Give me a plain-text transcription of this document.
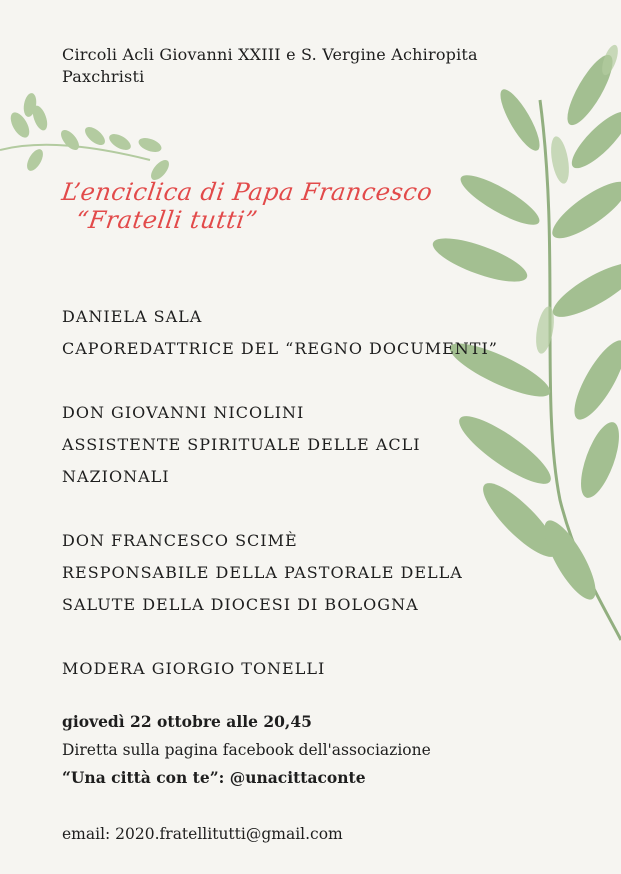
Circoli Acli Giovanni XXIII e S. Vergine Achiropita
Paxchristi
L’enciclica di Papa Francesco
“Fratelli tutti”
DANIELA SALA
CAPOREDATTRICE DEL “REGNO DOCUMENTI”
DON GIOVANNI NICOLINI
ASSISTENTE SPIRITUALE DELLE ACLI
NAZIONALI
DON FRANCESCO SCIMÈ
RESPONSABILE DELLA PASTORALE DELLA
SALUTE DELLA DIOCESI DI BOLOGNA
MODERA GIORGIO TONELLI
giovedì 22 ottobre alle 20,45
Diretta sulla pagina facebook dell'associazione
“Una città con te”: @unacittaconte
email: 2020.fratellitutti@gmail.com
